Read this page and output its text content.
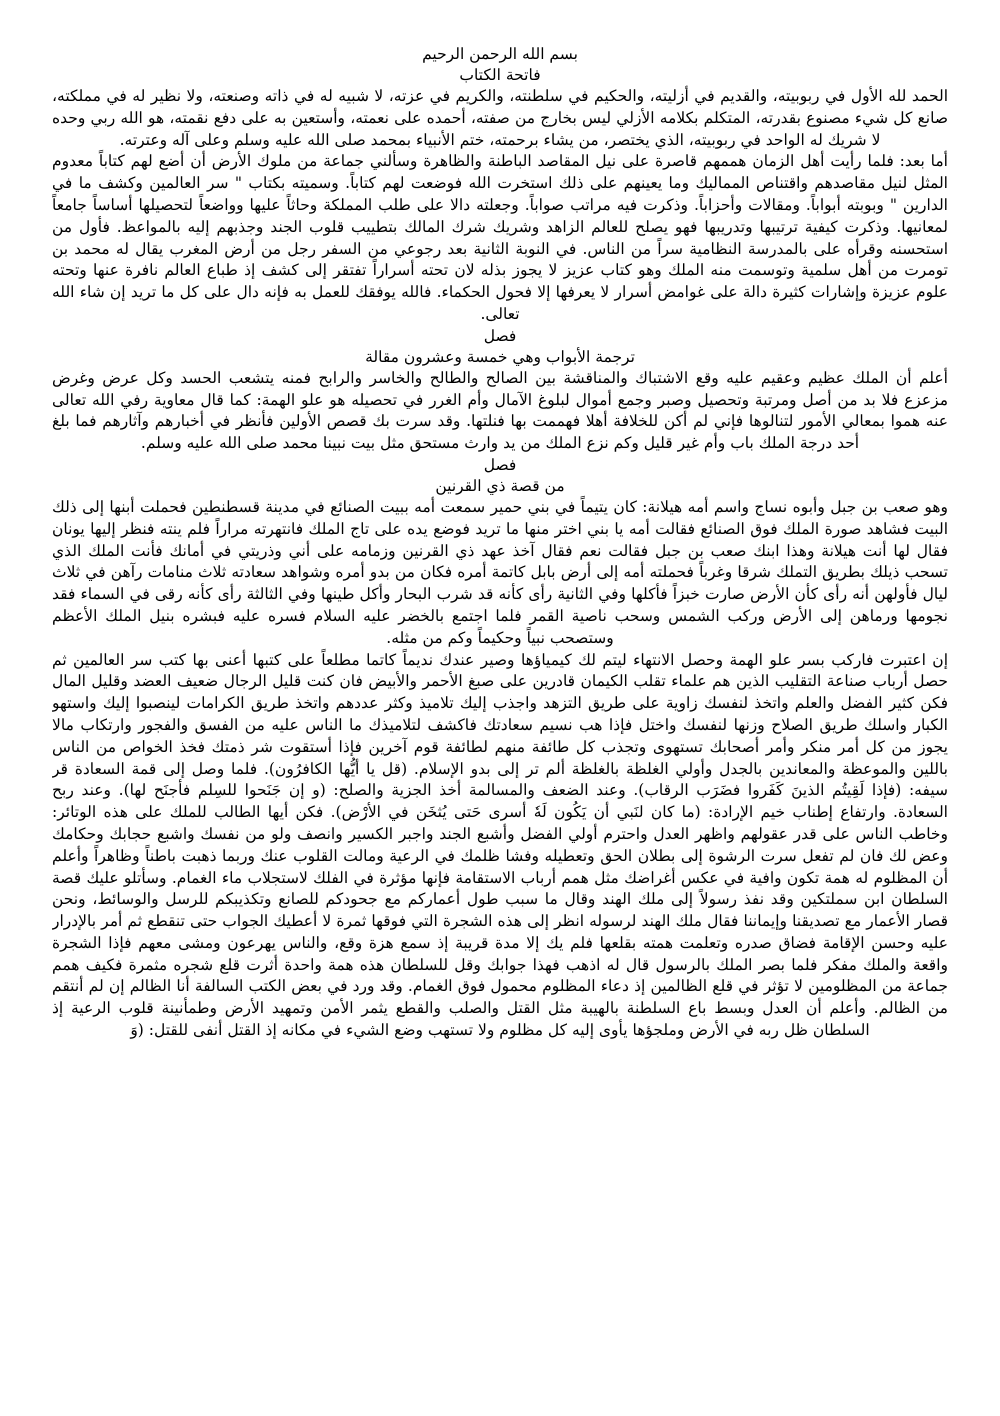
بسم الله الرحمن الرحيم
فاتحة الكتاب

الحمد لله الأول في ربوبيته، والقديم في أزليته، والحكيم في سلطنته، والكريم في عزته، لا شبيه له في ذاته وصنعته، ولا نظير له في مملكته، صانع كل شيء مصنوع بقدرته، المتكلم بكلامه الأزلي ليس بخارج من صفته، أحمده على نعمته، وأستعين به على دفع نقمته، هو الله ربي وحده لا شريك له الواحد في ربوبيته، الذي يختصر، من يشاء برحمته، ختم الأنبياء بمحمد صلى الله عليه وسلم وعلى آله وعترته.

أما بعد: فلما رأيت أهل الزمان هممهم قاصرة على نيل المقاصد الباطنة والظاهرة وسألني جماعة من ملوك الأرض أن أضع لهم كتاباً معدوم المثل لنيل مقاصدهم واقتناص المماليك وما يعينهم على ذلك استخرت الله فوضعت لهم كتاباً. وسميته بكتاب " سر العالمين وكشف ما في الدارين " وبوبته أبواباً. ومقالات وأحزاباً. وذكرت فيه مراتب صواباً. وجعلته دالا على طلب المملكة وحاثاً عليها وواضعاً لتحصيلها أساساً جامعاً لمعانيها. وذكرت كيفية ترتيبها وتدريبها فهو يصلح للعالم الزاهد وشريك شرك المالك بتطييب قلوب الجند وجذبهم إليه بالمواعظ. فأول من استحسنه وقرأه على بالمدرسة النظامية سراً من الناس. في النوبة الثانية بعد رجوعي من السفر رجل من أرض المغرب يقال له محمد بن تومرت من أهل سلمية وتوسمت منه الملك وهو كتاب عزيز لا يجوز بذله لان تحته أسراراً تفتقر إلى كشف إذ طباع العالم نافرة عنها وتحته علوم عزيزة وإشارات كثيرة دالة على غوامض أسرار لا يعرفها إلا فحول الحكماء. فالله يوفقك للعمل به فإنه دال على كل ما تريد إن شاء الله تعالى.

فصل
ترجمة الأبواب وهي خمسة وعشرون مقالة

أعلم أن الملك عظيم وعقيم عليه وقع الاشتباك والمناقشة بين الصالح والطالح والخاسر والرابح فمنه يتشعب الحسد وكل عرض وغرض مزعزع فلا بد من أصل ومرتبة وتحصيل وصبر وجمع أموال لبلوغ الآمال وأم الغرر في تحصيله هو علو الهمة: كما قال معاوية رفي الله تعالى عنه هموا بمعالي الأمور لتنالوها فإني لم أكن للخلافة أهلا فهممت بها فنلتها. وقد سرت بك قصص الأولين فأنظر في أخبارهم وآثارهم فما بلغ أحد درجة الملك باب وأم غير قليل وكم نزع الملك من يد وارث مستحق مثل بيت نبينا محمد صلى الله عليه وسلم.

فصل
من قصة ذي القرنين

وهو صعب بن جبل وأبوه نساج واسم أمه هيلانة: كان يتيماً في بني حمير سمعت أمه ببيت الصنائع في مدينة قسطنطين فحملت أبنها إلى ذلك البيت فشاهد صورة الملك فوق الصنائع فقالت أمه يا بني اختر منها ما تريد فوضع يده على تاج الملك فانتهرته مراراً فلم ينته فنظر إليها يونان فقال لها أنت هيلانة وهذا ابنك صعب بن جبل فقالت نعم فقال آخذ عهد ذي القرنين وزمامه على أني وذريتي في أمانك فأنت الملك الذي تسحب ذيلك بطريق التملك شرقا وغرباً فحملته أمه إلى أرض بابل كاتمة أمره فكان من بدو أمره وشواهد سعادته ثلاث منامات رآهن في ثلاث ليال فأولهن أنه رأى كأن الأرض صارت خبزاً فأكلها وفي الثانية رأى كأنه قد شرب البحار وأكل طينها وفي الثالثة رأى كأنه رقى في السماء فقد نجومها ورماهن إلى الأرض وركب الشمس وسحب ناصية القمر فلما اجتمع بالخضر عليه السلام فسره عليه فبشره بنيل الملك الأعظم وستصحب نبياً وحكيماً وكم من مثله.

إن اعتبرت فاركب بسر علو الهمة وحصل الانتهاء ليتم لك كيمياؤها وصير عندك نديماً كاتما مطلعاً على كتبها أعنى بها كتب سر العالمين ثم حصل أرباب صناعة التقليب الذين هم علماء تقلب الكيمان قادرين على صبغ الأحمر والأبيض فان كنت قليل الرجال ضعيف العضد وقليل المال فكن كثير الفضل والعلم واتخذ لنفسك زاوية على طريق التزهد واجذب إليك تلاميذ وكثر عددهم واتخذ طريق الكرامات لينصبوا إليك واستهو الكبار واسلك طريق الصلاح وزنها لنفسك واختل فإذا هب نسيم سعادتك فاكشف لتلاميذك ما الناس عليه من الفسق والفجور وارتكاب مالا يجوز من كل أمر منكر وأمر أصحابك تستهوى وتجذب كل طائفة منهم لطائفة قوم آخرين فإذا أستقوت شر ذمتك فخذ الخواص من الناس باللين والموعظة والمعاندين بالجدل وأولي الغلظة بالغلظة ألم تر إلى بدو الإسلام. (قل يا أيُّها الكافرُون). فلما وصل إلى قمة السعادة قر سيفه: (فإذا لَقِيتُم الذينَ كَفَروا فضَرَب الرقاب). وعند الضعف والمسالمة أخذ الجزية والصلح: (و إن جَنَحوا للسِلم فأجنَح لها). وعند ربح السعادة. وارتفاع إطناب خيم الإرادة: (ما كان لنَبي أن يَكُون لَهٗ أسرى حَتى يُثخَن في الأرْض). فكن أيها الطالب للملك على هذه الوتائر: وخاطب الناس على قدر عقولهم واظهر العدل واحترم أولي الفضل وأشبع الجند واجبر الكسير وانصف ولو من نفسك واشبع حجابك وحكامك وعض لك فان لم تفعل سرت الرشوة إلى بطلان الحق وتعطيله وفشا ظلمك في الرعية ومالت القلوب عنك وربما ذهبت باطناً وظاهراً وأعلم أن المظلوم له همة تكون وافية في عكس أغراضك مثل همم أرباب الاستقامة فإنها مؤثرة في الفلك لاستجلاب ماء الغمام. وسأتلو عليك قصة السلطان ابن سملتكين وقد نفذ رسولاً إلى ملك الهند وقال ما سبب طول أعماركم مع جحودكم للصانع وتكذيبكم للرسل والوسائط، ونحن قصار الأعمار مع تصديقنا وإيماننا فقال ملك الهند لرسوله انظر إلى هذه الشجرة التي فوقها ثمرة لا أعطيك الجواب حتى تنقطع ثم أمر بالإدرار عليه وحسن الإقامة فضاق صدره وتعلمت همته بقلعها فلم يك إلا مدة قريبة إذ سمع هزة وقع، والناس يهرعون ومشى معهم فإذا الشجرة واقعة والملك مفكر فلما بصر الملك بالرسول قال له اذهب فهذا جوابك وقل للسلطان هذه همة واحدة أثرت قلع شجره مثمرة فكيف همم جماعة من المظلومين لا تؤثر في قلع الظالمين إذ دعاء المظلوم محمول فوق الغمام. وقد ورد في بعض الكتب السالفة أنا الظالم إن لم أنتقم من الظالم. وأعلم أن العدل وبسط باع السلطنة بالهيبة مثل القتل والصلب والقطع يثمر الأمن وتمهيد الأرض وطمأنينة قلوب الرعية إذ السلطان ظل ربه في الأرض وملجؤها يأوى إليه كل مظلوم ولا تستهب وضع الشيء في مكانه إذ القتل أنفى للقتل: (وَ
